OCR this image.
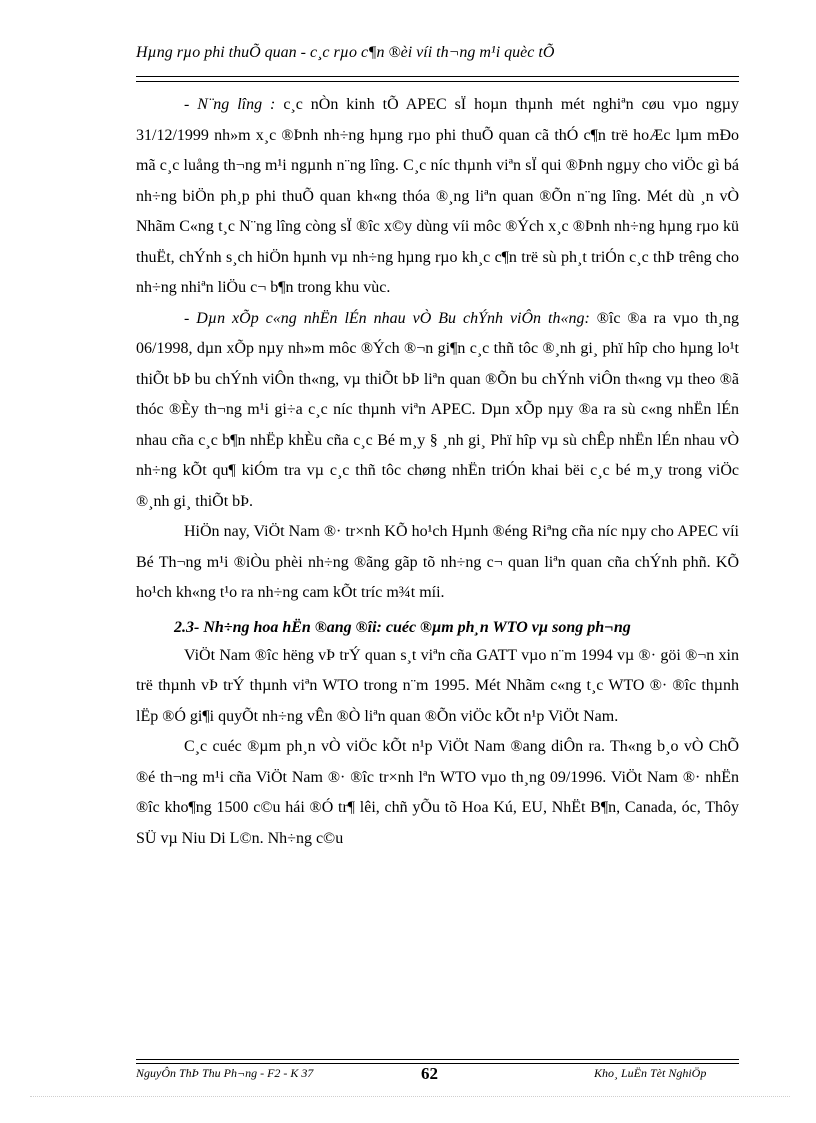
Hµng rµo phi thuÕ quan - c¸c rµo c¶n ®èi víi th¬ng m¹i quèc tÕ

- N¨ng lîng : c¸c nÒn kinh tÕ APEC sÏ hoµn thµnh mét nghiªn cøu vµo ngµy 31/12/1999 nh»m x¸c ®Þnh nh÷ng hµng rµo phi thuÕ quan cã thÓ c¶n trë hoÆc lµm mÐo mã c¸c luång th¬ng m¹i ngµnh n¨ng lîng. C¸c níc thµnh viªn sÏ qui ®Þnh ngµy cho viÖc gì bá nh÷ng biÖn ph¸p phi thuÕ quan kh«ng thóa ®¸ng liªn quan ®Õn n¨ng lîng. Mét dù ¸n vÒ Nhãm C«ng t¸c N¨ng lîng còng sÏ ®îc x©y dùng víi môc ®Ých x¸c ®Þnh nh÷ng hµng rµo kü thuËt, chÝnh s¸ch hiÖn hµnh vµ nh÷ng hµng rµo kh¸c c¶n trë sù ph¸t triÓn c¸c thÞ trêng cho nh÷ng nhiªn liÖu c¬ b¶n trong khu vùc.

- Dµn xÕp c«ng nhËn lÉn nhau vÒ Bu chÝnh viÔn th«ng: ®îc ®a ra vµo th¸ng 06/1998, dµn xÕp nµy nh»m môc ®Ých ®¬n gi¶n c¸c thñ tôc ®¸nh gi¸ phï hîp cho hµng lo¹t thiÕt bÞ bu chÝnh viÔn th«ng, vµ thiÕt bÞ liªn quan ®Õn bu chÝnh viÔn th«ng vµ theo ®ã thóc ®Èy th¬ng m¹i gi÷a c¸c níc thµnh viªn APEC. Dµn xÕp nµy ®a ra sù c«ng nhËn lÉn nhau cña c¸c b¶n nhËp khÈu cña c¸c Bé m¸y § ¸nh gi¸ Phï hîp vµ sù chÊp nhËn lÉn nhau vÒ nh÷ng kÕt qu¶ kiÓm tra vµ c¸c thñ tôc chøng nhËn triÓn khai bëi c¸c bé m¸y trong viÖc ®¸nh gi¸ thiÕt bÞ.

HiÖn nay, ViÖt Nam ®· tr×nh KÕ ho¹ch Hµnh ®éng Riªng cña níc nµy cho APEC víi Bé Th¬ng m¹i ®iÒu phèi nh÷ng ®ãng gãp tõ nh÷ng c¬ quan liªn quan cña chÝnh phñ. KÕ ho¹ch kh«ng t¹o ra nh÷ng cam kÕt tríc m¾t míi.

2.3- Nh÷ng hoa hËn ®ang ®îi: cuéc ®µm ph¸n WTO vµ song ph¬ng

ViÖt Nam ®îc hëng vÞ trÝ quan s¸t viªn cña GATT vµo n¨m 1994 vµ ®· göi ®¬n xin trë thµnh vÞ trÝ thµnh viªn WTO trong n¨m 1995. Mét Nhãm c«ng t¸c WTO ®· ®îc thµnh lËp ®Ó gi¶i quyÕt nh÷ng vÊn ®Ò liªn quan ®Õn viÖc kÕt n¹p ViÖt Nam.

C¸c cuéc ®µm ph¸n vÒ viÖc kÕt n¹p ViÖt Nam ®ang diÔn ra. Th«ng b¸o vÒ ChÕ ®é th¬ng m¹i cña ViÖt Nam ®· ®îc tr×nh lªn WTO vµo th¸ng 09/1996. ViÖt Nam ®· nhËn ®îc kho¶ng 1500 c©u hái ®Ó tr¶ lêi, chñ yÕu tõ Hoa Kú, EU, NhËt B¶n, Canada, óc, Thôy SÜ vµ Niu Di L©n. Nh÷ng c©u

NguyÔn ThÞ Thu Ph¬ng - F2 - K 37	62	Kho¸ LuËn Tèt NghiÖp
